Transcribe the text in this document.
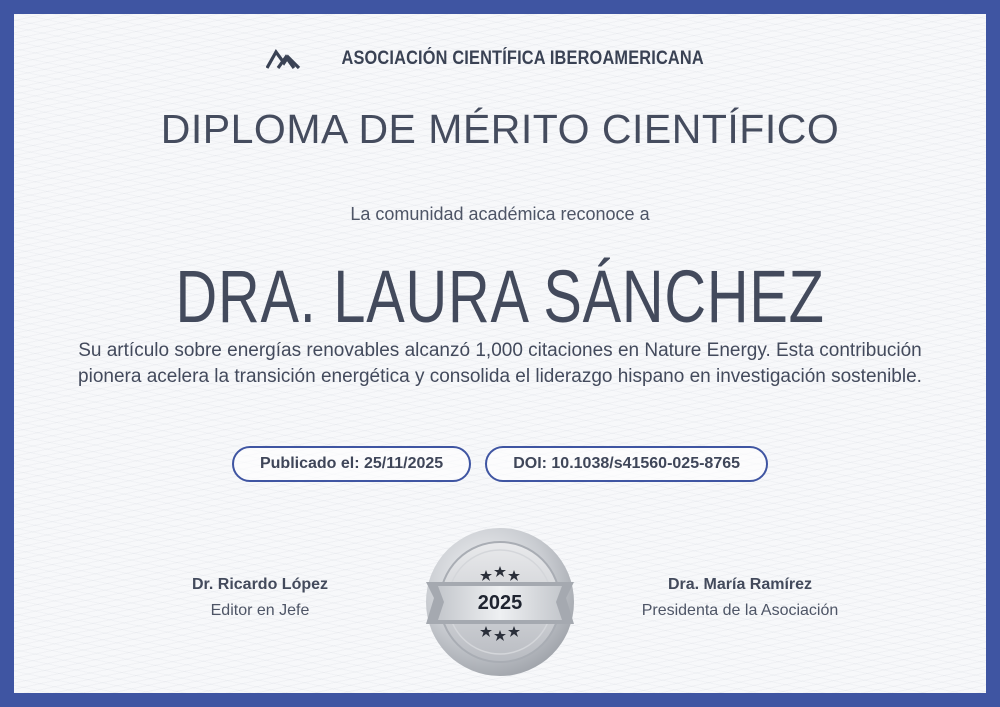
ASOCIACIÓN CIENTÍFICA IBEROAMERICANA
DIPLOMA DE MÉRITO CIENTÍFICO
La comunidad académica reconoce a
DRA. LAURA SÁNCHEZ
Su artículo sobre energías renovables alcanzó 1,000 citaciones en Nature Energy. Esta contribución pionera acelera la transición energética y consolida el liderazgo hispano en investigación sostenible.
Publicado el: 25/11/2025	DOI: 10.1038/s41560-025-8765
Dr. Ricardo López
Editor en Jefe	2025
Dra. María Ramírez
Presidenta de la Asociación
